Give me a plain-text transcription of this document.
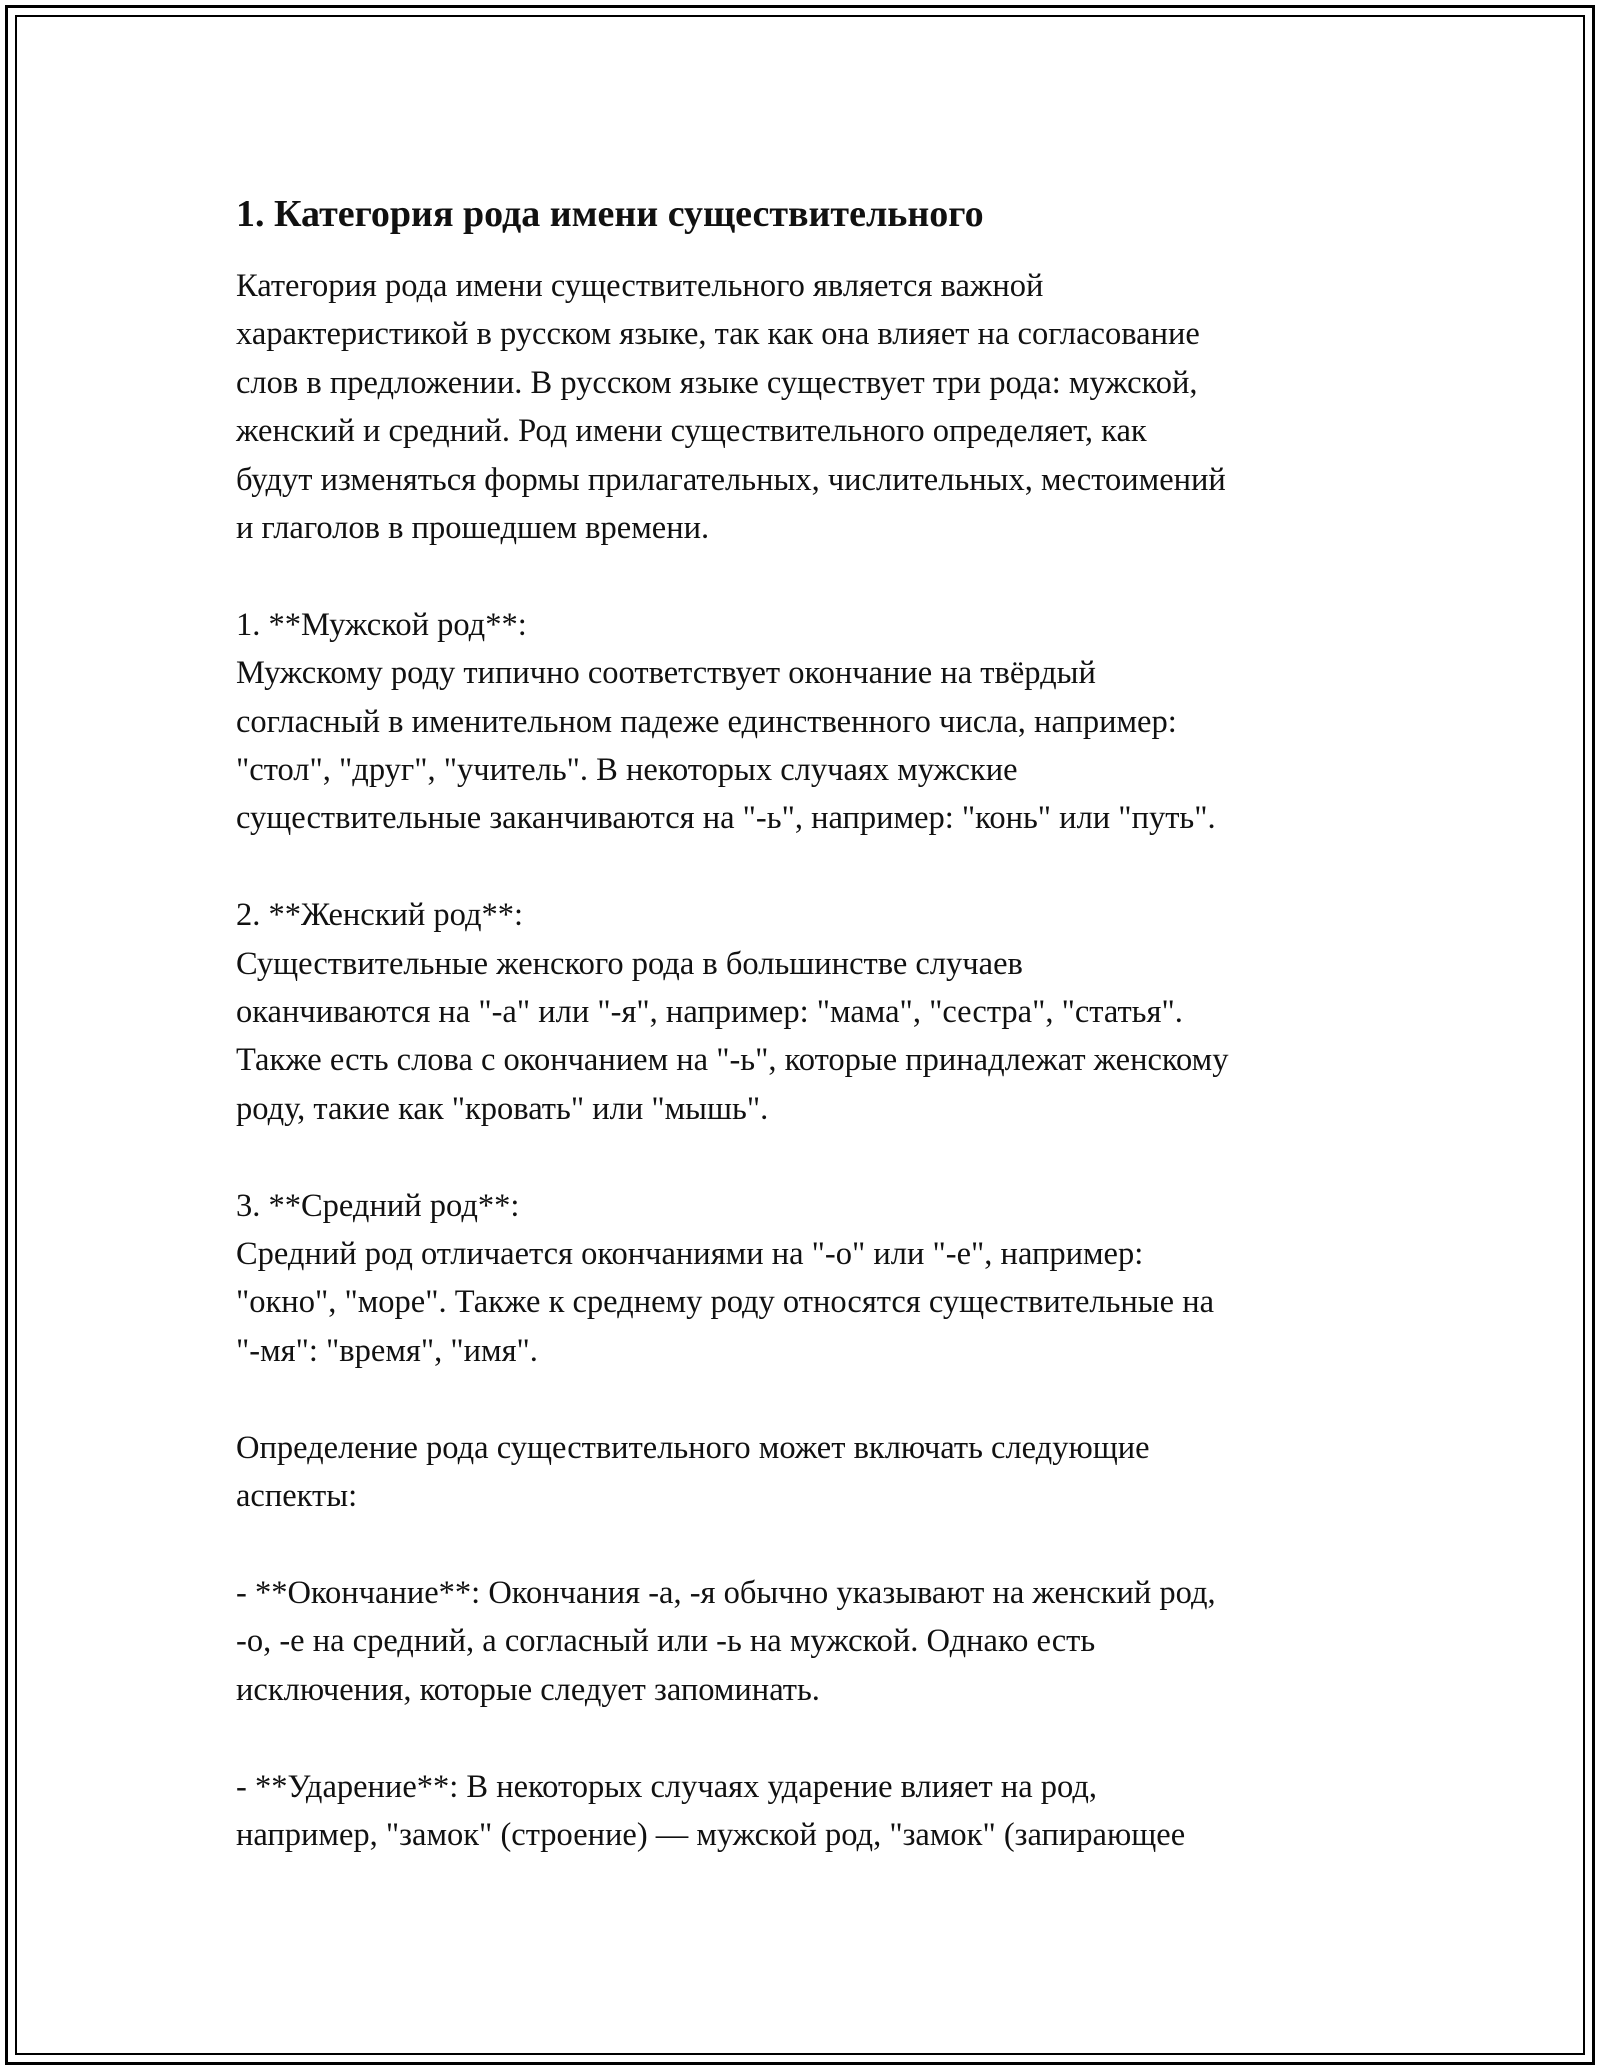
1. Категория рода имени существительного

Категория рода имени существительного является важной
характеристикой в русском языке, так как она влияет на согласование
слов в предложении. В русском языке существует три рода: мужской,
женский и средний. Род имени существительного определяет, как
будут изменяться формы прилагательных, числительных, местоимений
и глаголов в прошедшем времени.

1. **Мужской род**:
Мужскому роду типично соответствует окончание на твёрдый
согласный в именительном падеже единственного числа, например:
"стол", "друг", "учитель". В некоторых случаях мужские
существительные заканчиваются на "-ь", например: "конь" или "путь".

2. **Женский род**:
Существительные женского рода в большинстве случаев
оканчиваются на "-а" или "-я", например: "мама", "сестра", "статья".
Также есть слова с окончанием на "-ь", которые принадлежат женскому
роду, такие как "кровать" или "мышь".

3. **Средний род**:
Средний род отличается окончаниями на "-о" или "-е", например:
"окно", "море". Также к среднему роду относятся существительные на
"-мя": "время", "имя".

Определение рода существительного может включать следующие
аспекты:

- **Окончание**: Окончания -а, -я обычно указывают на женский род,
-о, -е на средний, а согласный или -ь на мужской. Однако есть
исключения, которые следует запоминать.

- **Ударение**: В некоторых случаях ударение влияет на род,
например, "замок" (строение) — мужской род, "замок" (запирающее
